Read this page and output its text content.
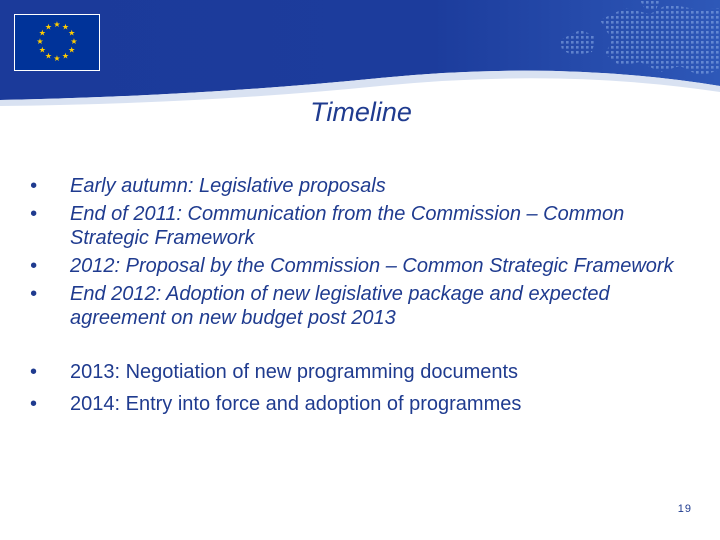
★ ★
★
★
★
★
★
★
★
★
★
★
Timeline
•	Early autumn: Legislative proposals
•	End of 2011: Communication from the Commission – Common Strategic Framework
•	2012: Proposal by the Commission – Common Strategic Framework
•	End 2012: Adoption of new legislative package and expected agreement on new budget post 2013
•	2013: Negotiation of new programming documents
•	2014: Entry into force and adoption of programmes
19
